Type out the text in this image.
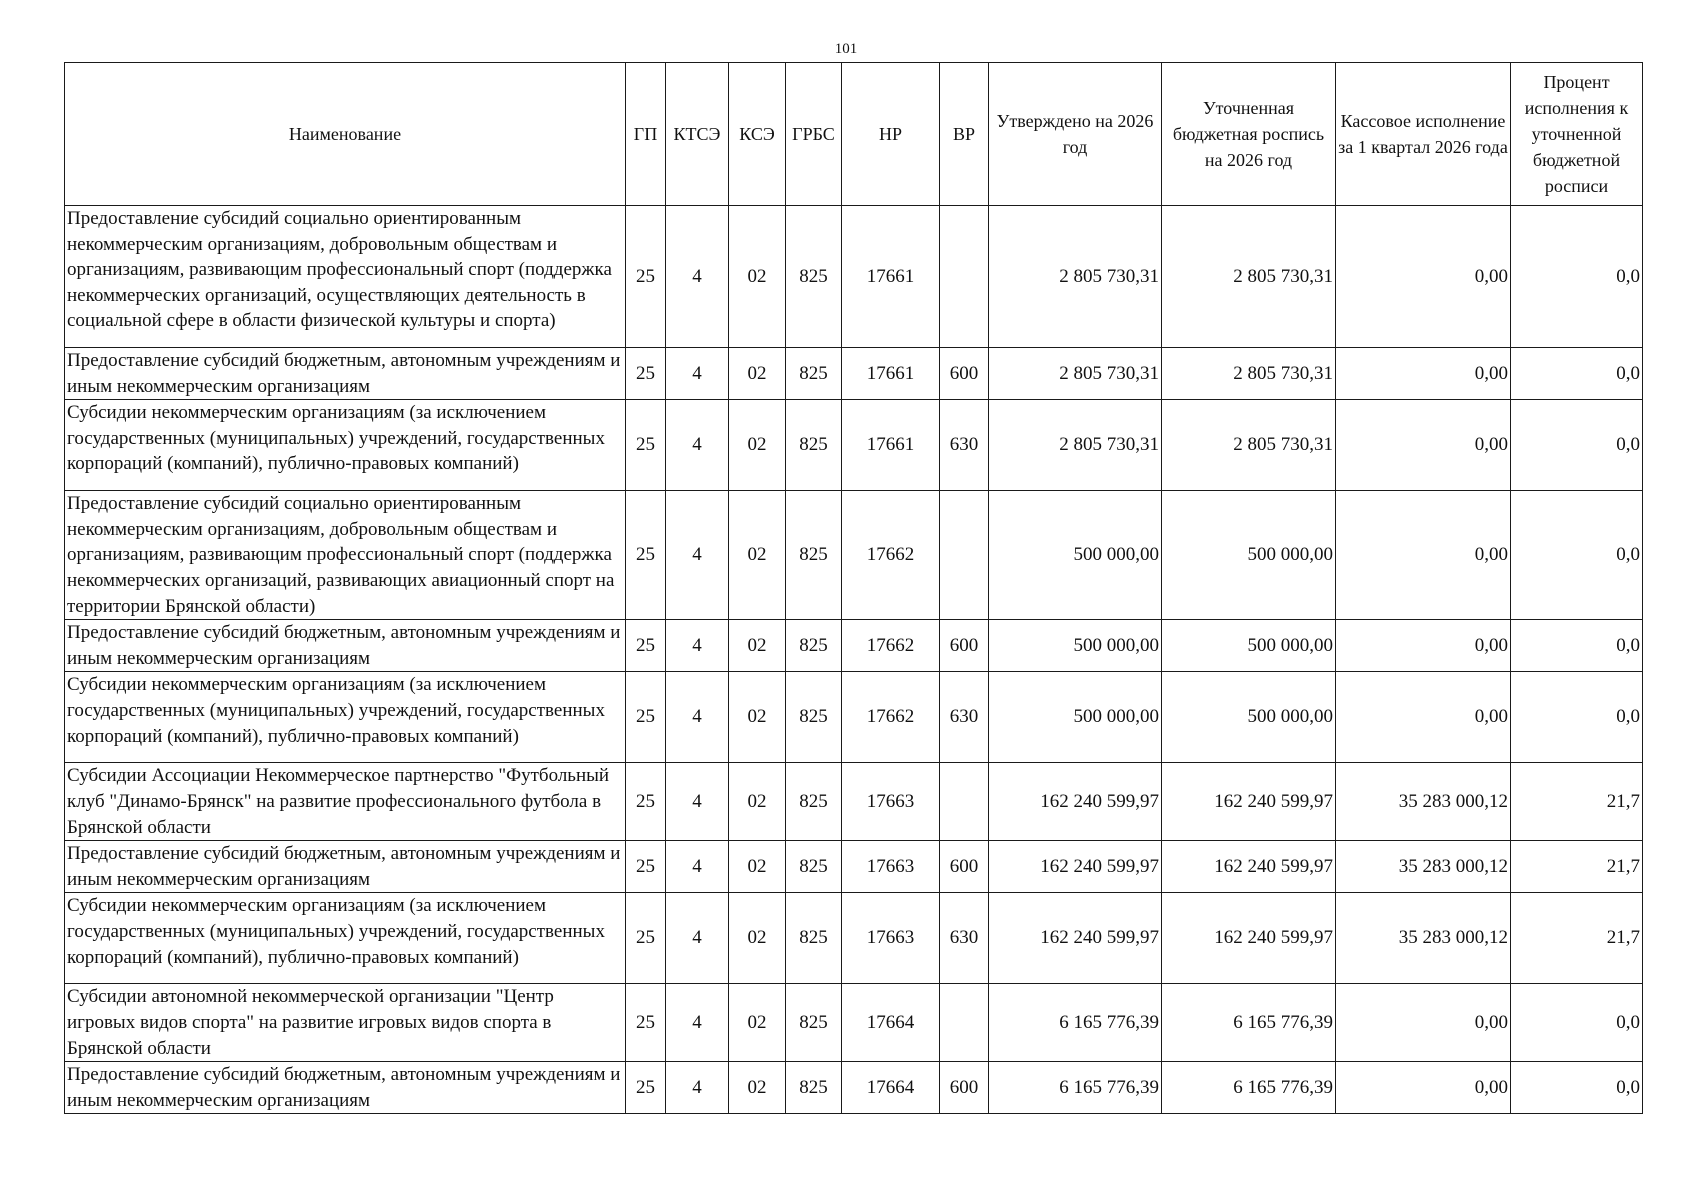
101
Наименование	ГП	КТСЭ	КСЭ	ГРБС	НР	ВР	Утверждено на 2026 год	Уточненная бюджетная роспись на 2026 год	Кассовое исполнение за 1 квартал 2026 года	Процент исполнения к уточненной бюджетной росписи
Предоставление субсидий социально ориентированным некоммерческим организациям, добровольным обществам и организациям, развивающим профессиональный спорт (поддержка некоммерческих организаций, осуществляющих деятельность в социальной сфере в области физической культуры и спорта)	25	4	02	825	17661		2 805 730,31	2 805 730,31	0,00	0,0
Предоставление субсидий бюджетным, автономным учреждениям и иным некоммерческим организациям	25	4	02	825	17661	600	2 805 730,31	2 805 730,31	0,00	0,0
Субсидии некоммерческим организациям (за исключением государственных (муниципальных) учреждений, государственных корпораций (компаний), публично-правовых компаний)	25	4	02	825	17661	630	2 805 730,31	2 805 730,31	0,00	0,0
Предоставление субсидий социально ориентированным некоммерческим организациям, добровольным обществам и организациям, развивающим профессиональный спорт (поддержка некоммерческих организаций, развивающих авиационный спорт на территории Брянской области)	25	4	02	825	17662		500 000,00	500 000,00	0,00	0,0
Предоставление субсидий бюджетным, автономным учреждениям и иным некоммерческим организациям	25	4	02	825	17662	600	500 000,00	500 000,00	0,00	0,0
Субсидии некоммерческим организациям (за исключением государственных (муниципальных) учреждений, государственных корпораций (компаний), публично-правовых компаний)	25	4	02	825	17662	630	500 000,00	500 000,00	0,00	0,0
Субсидии Ассоциации Некоммерческое партнерство "Футбольный клуб "Динамо-Брянск" на развитие профессионального футбола в Брянской области	25	4	02	825	17663		162 240 599,97	162 240 599,97	35 283 000,12	21,7
Предоставление субсидий бюджетным, автономным учреждениям и иным некоммерческим организациям	25	4	02	825	17663	600	162 240 599,97	162 240 599,97	35 283 000,12	21,7
Субсидии некоммерческим организациям (за исключением государственных (муниципальных) учреждений, государственных корпораций (компаний), публично-правовых компаний)	25	4	02	825	17663	630	162 240 599,97	162 240 599,97	35 283 000,12	21,7
Субсидии автономной некоммерческой организации "Центр игровых видов спорта" на развитие игровых видов спорта в Брянской области	25	4	02	825	17664		6 165 776,39	6 165 776,39	0,00	0,0
Предоставление субсидий бюджетным, автономным учреждениям и иным некоммерческим организациям	25	4	02	825	17664	600	6 165 776,39	6 165 776,39	0,00	0,0
